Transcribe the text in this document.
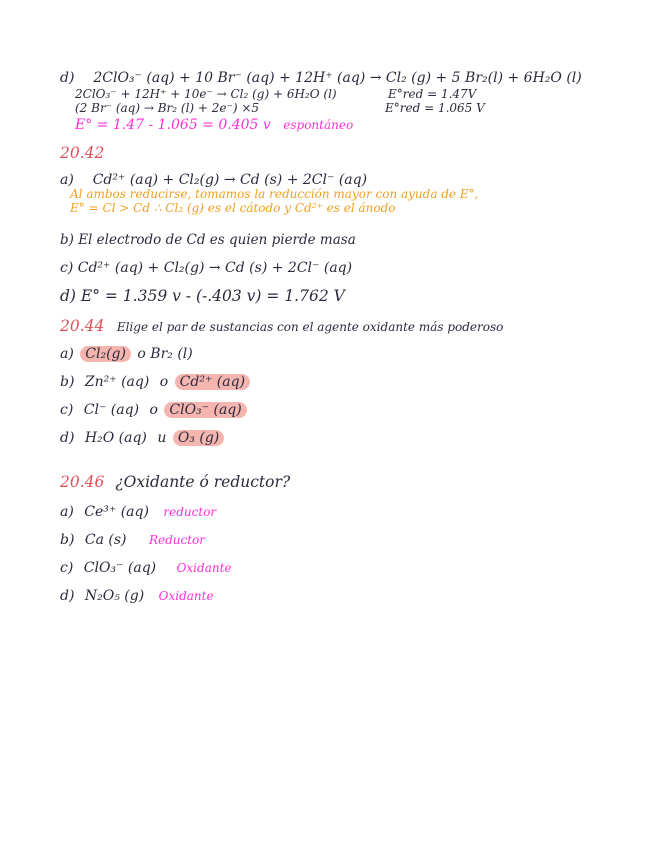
d) 2ClO₃⁻ (aq) + 10 Br⁻ (aq) + 12H⁺ (aq) → Cl₂ (g) + 5 Br₂(l) + 6H₂O (l)
2ClO₃⁻ + 12H⁺ + 10e⁻ → Cl₂ (g) + 6H₂O (l)	E°red = 1.47V
(2 Br⁻ (aq) → Br₂ (l) + 2e⁻) ×5	E°red = 1.065 V
E° = 1.47 - 1.065 = 0.405 v espontáneo
20.42
a) Cd²⁺ (aq) + Cl₂(g) → Cd (s) + 2Cl⁻ (aq)
Al ambos reducirse, tomamos la reducción mayor con ayuda de E°,
E° = Cl > Cd ∴ Cl₂ (g) es el cátodo y Cd²⁺ es el ánodo
b) El electrodo de Cd es quien pierde masa
c) Cd²⁺ (aq) + Cl₂(g) → Cd (s) + 2Cl⁻ (aq)
d) E° = 1.359 v - (-.403 v) = 1.762 V
20.44 Elige el par de sustancias con el agente oxidante más poderoso
a) Cl₂(g) o Br₂ (l)
b) Zn²⁺ (aq) o Cd²⁺ (aq)
c) Cl⁻ (aq) o ClO₃⁻ (aq)
d) H₂O (aq) u O₃ (g)
20.46 ¿Oxidante ó reductor?
a) Ce³⁺ (aq) reductor
b) Ca (s) Reductor
c) ClO₃⁻ (aq) Oxidante
d) N₂O₅ (g) Oxidante
